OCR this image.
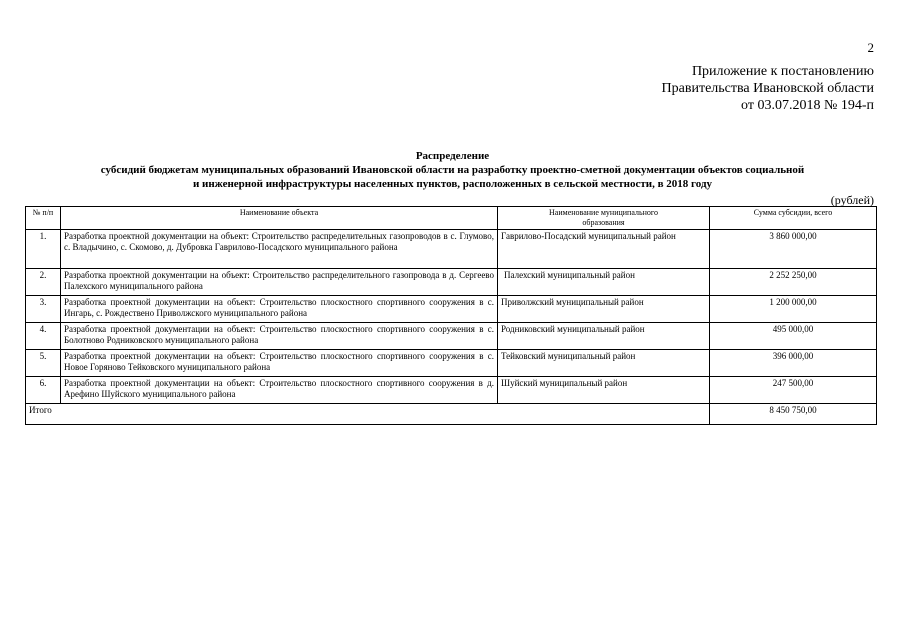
2
Приложение к постановлению
Правительства Ивановской области
от 03.07.2018 № 194-п
Распределение
субсидий бюджетам муниципальных образований Ивановской области на разработку проектно-сметной документации объектов социальной
и инженерной инфраструктуры населенных пунктов, расположенных в сельской местности, в 2018 году
(рублей)
№ п/п	Наименование объекта	Наименование муниципального образования	Сумма субсидии, всего
1.	Разработка проектной документации на объект: Строительство распределительных газопроводов в с. Глумово, с. Владычино, с. Скомово, д. Дубровка Гаврилово-Посадского муниципального района	Гаврилово-Посадский муниципальный район	3 860 000,00
2.	Разработка проектной документации на объект: Строительство распределительного газопровода в д. Сергеево Палехского муниципального района	Палехский муниципальный район	2 252 250,00
3.	Разработка проектной документации на объект: Строительство плоскостного спортивного сооружения в с. Ингарь, с. Рождествено Приволжского муниципального района	Приволжский муниципальный район	1 200 000,00
4.	Разработка проектной документации на объект: Строительство плоскостного спортивного сооружения в с. Болотново Родниковского муниципального района	Родниковский муниципальный район	495 000,00
5.	Разработка проектной документации на объект: Строительство плоскостного спортивного сооружения в с. Новое Горяново Тейковского муниципального района	Тейковский муниципальный район	396 000,00
6.	Разработка проектной документации на объект: Строительство плоскостного спортивного сооружения в д. Арефино Шуйского муниципального района	Шуйский муниципальный район	247 500,00
Итого			8 450 750,00
